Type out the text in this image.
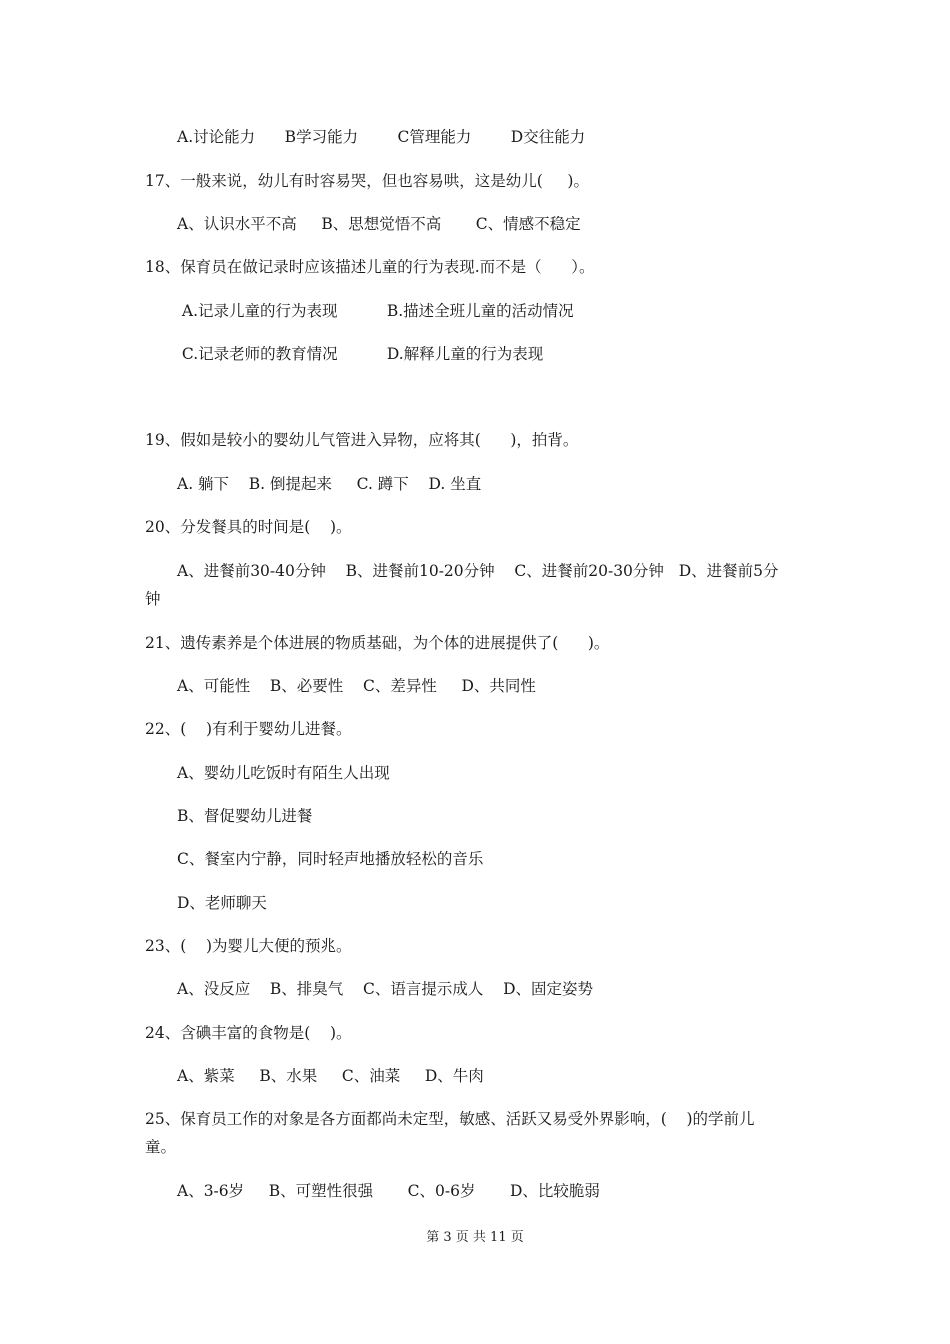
A.讨论能力      B学习能力        C管理能力        D交往能力
17、一般来说，幼儿有时容易哭，但也容易哄，这是幼儿(     )。
A、认识水平不高     B、思想觉悟不高       C、情感不稳定
18、保育员在做记录时应该描述儿童的行为表现.而不是（      ）。
A.记录儿童的行为表现          B.描述全班儿童的活动情况
C.记录老师的教育情况          D.解释儿童的行为表现
19、假如是较小的婴幼儿气管进入异物，应将其(      )，拍背。
A. 躺下    B. 倒提起来     C. 蹲下    D. 坐直
20、分发餐具的时间是(    )。
A、进餐前30-40分钟    B、进餐前10-20分钟    C、进餐前20-30分钟   D、进餐前5分
钟
21、遗传素养是个体进展的物质基础，为个体的进展提供了(      )。
A、可能性    B、必要性    C、差异性     D、共同性
22、(    )有利于婴幼儿进餐。
A、婴幼儿吃饭时有陌生人出现
B、督促婴幼儿进餐
C、餐室内宁静，同时轻声地播放轻松的音乐
D、老师聊天
23、(    )为婴儿大便的预兆。
A、没反应    B、排臭气    C、语言提示成人    D、固定姿势
24、含碘丰富的食物是(    )。
A、紫菜     B、水果     C、油菜     D、牛肉
25、保育员工作的对象是各方面都尚未定型，敏感、活跃又易受外界影响，(    )的学前儿
童。
A、3-6岁     B、可塑性很强       C、0-6岁       D、比较脆弱
第 3 页 共 11 页
